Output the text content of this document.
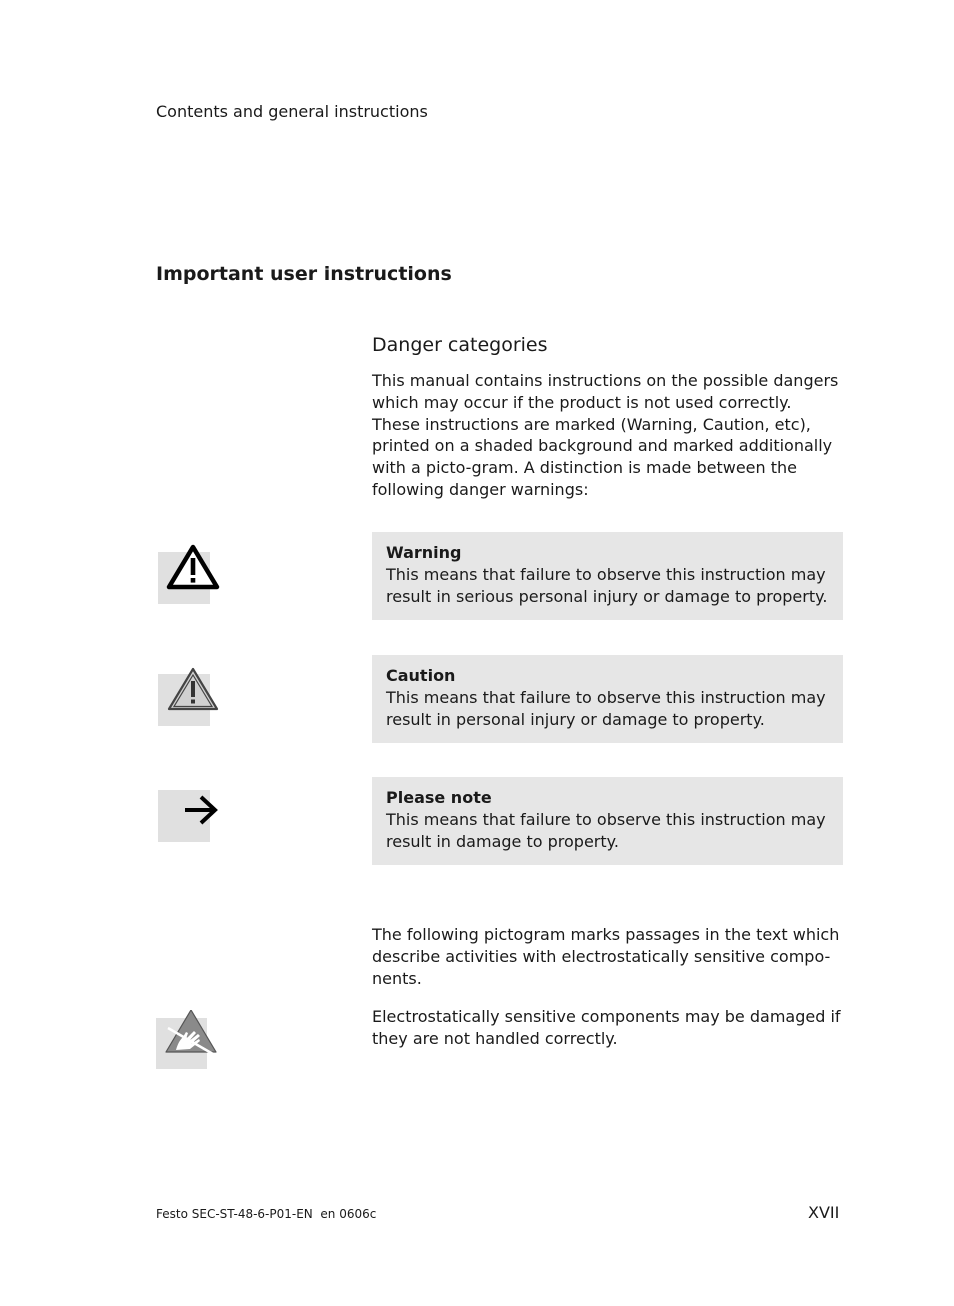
Contents and general instructions
Important user instructions
Danger categories
This manual contains instructions on the possible dangers which may occur if the product is not used correctly. These instructions are marked (Warning, Caution, etc), printed on a shaded background and marked additionally with a picto-gram. A distinction is made between the following danger warnings:
Warning
This means that failure to observe this instruction may result in serious personal injury or damage to property.
Caution
This means that failure to observe this instruction may result in personal injury or damage to property.
Please note
This means that failure to observe this instruction may result in damage to property.
The following pictogram marks passages in the text which describe activities with electrostatically sensitive compo-nents.
Electrostatically sensitive components may be damaged if they are not handled correctly.
Festo SEC-ST-48-6-P01-EN  en 0606c	XVII
